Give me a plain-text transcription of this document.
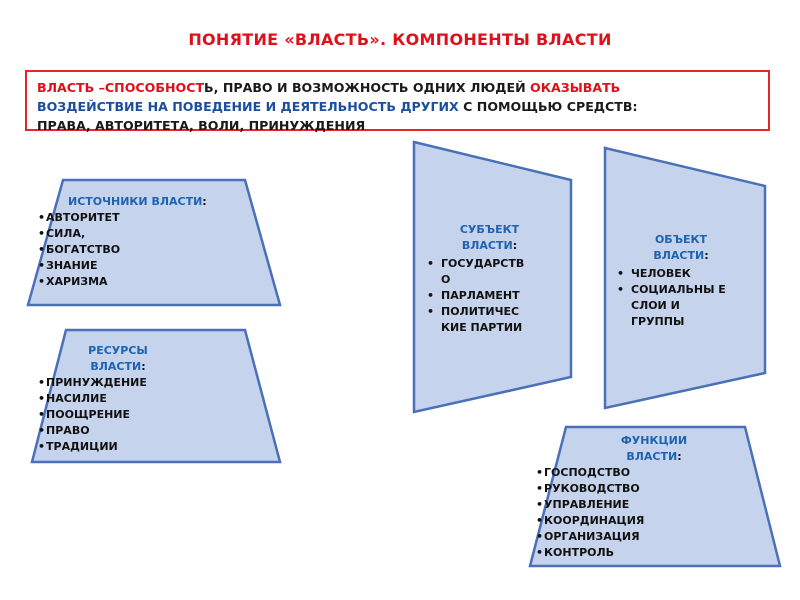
ПОНЯТИЕ «ВЛАСТЬ». КОМПОНЕНТЫ ВЛАСТИ
ВЛАСТЬ –СПОСОБНОСТЬ, ПРАВО И ВОЗМОЖНОСТЬ ОДНИХ ЛЮДЕЙ ОКАЗЫВАТЬ
ВОЗДЕЙСТВИЕ НА ПОВЕДЕНИЕ И ДЕЯТЕЛЬНОСТЬ ДРУГИХ С ПОМОЩЬЮ СРЕДСТВ:
ПРАВА, АВТОРИТЕТА, ВОЛИ, ПРИНУЖДЕНИЯ
ИСТОЧНИКИ ВЛАСТИ:
• АВТОРИТЕТ
• СИЛА,
• БОГАТСТВО
• ЗНАНИЕ
• ХАРИЗМА
РЕСУРСЫ
ВЛАСТИ:
• ПРИНУЖДЕНИЕ
• НАСИЛИЕ
• ПООЩРЕНИЕ
• ПРАВО
• ТРАДИЦИИ
СУБЪЕКТ
ВЛАСТИ:
• ГОСУДАРСТВ О
• ПАРЛАМЕНТ
• ПОЛИТИЧЕС КИЕ ПАРТИИ
ОБЪЕКТ
ВЛАСТИ:
• ЧЕЛОВЕК
• СОЦИАЛЬНЫ Е СЛОИ И ГРУППЫ
ФУНКЦИИ
ВЛАСТИ:
• ГОСПОДСТВО
• РУКОВОДСТВО
• УПРАВЛЕНИЕ
• КООРДИНАЦИЯ
• ОРГАНИЗАЦИЯ
• КОНТРОЛЬ
